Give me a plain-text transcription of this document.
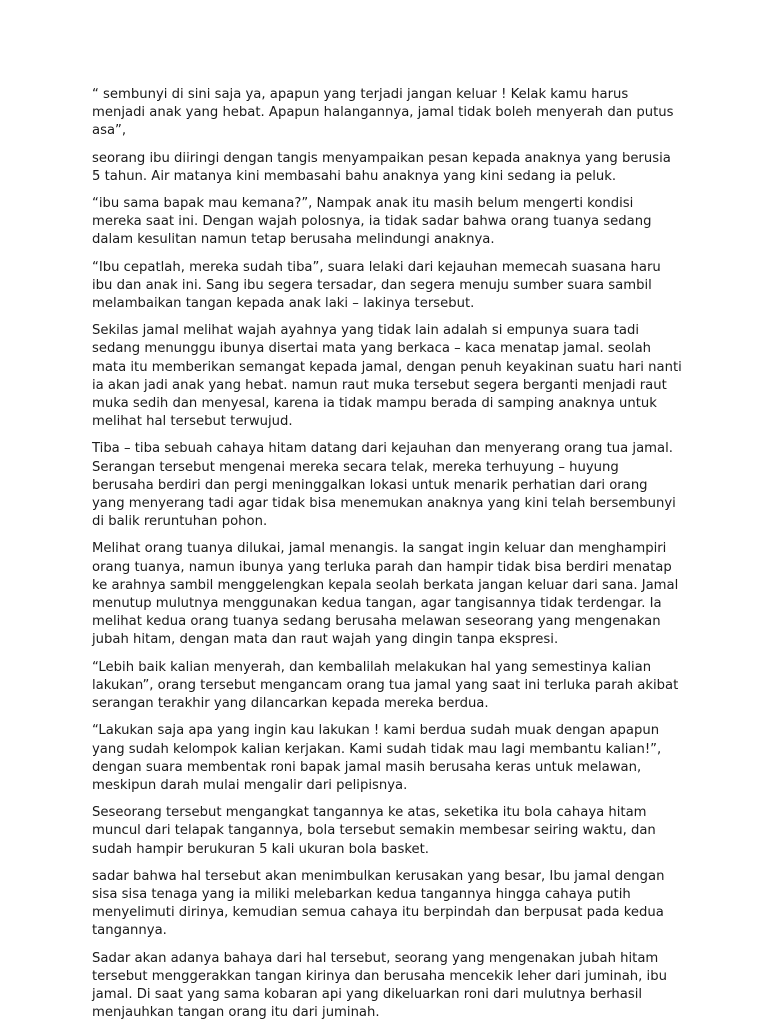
“ sembunyi di sini saja ya, apapun yang terjadi jangan keluar ! Kelak kamu harus menjadi anak yang hebat. Apapun halangannya, jamal tidak boleh menyerah dan putus asa”,

seorang ibu diiringi dengan tangis menyampaikan pesan kepada anaknya yang berusia 5 tahun. Air matanya kini membasahi bahu anaknya yang kini sedang ia peluk.

“ibu sama bapak mau kemana?”, Nampak anak itu masih belum mengerti kondisi mereka saat ini. Dengan wajah polosnya, ia tidak sadar bahwa orang tuanya sedang dalam kesulitan namun tetap berusaha melindungi anaknya.

“Ibu cepatlah, mereka sudah tiba”, suara lelaki dari kejauhan memecah suasana haru ibu dan anak ini. Sang ibu segera tersadar, dan segera menuju sumber suara sambil melambaikan tangan kepada anak laki – lakinya tersebut.

Sekilas jamal melihat wajah ayahnya yang tidak lain adalah si empunya suara tadi sedang menunggu ibunya disertai mata yang berkaca – kaca menatap jamal. seolah mata itu memberikan semangat kepada jamal, dengan penuh keyakinan suatu hari nanti ia akan jadi anak yang hebat. namun raut muka tersebut segera berganti menjadi raut muka sedih dan menyesal, karena ia tidak mampu berada di samping anaknya untuk melihat hal tersebut terwujud.

Tiba – tiba sebuah cahaya hitam datang dari kejauhan dan menyerang orang tua jamal. Serangan tersebut mengenai mereka secara telak, mereka terhuyung – huyung berusaha berdiri dan pergi meninggalkan lokasi untuk menarik perhatian dari orang yang menyerang tadi agar tidak bisa menemukan anaknya yang kini telah bersembunyi di balik reruntuhan pohon.

Melihat orang tuanya dilukai, jamal menangis. Ia sangat ingin keluar dan menghampiri orang tuanya, namun ibunya yang terluka parah dan hampir tidak bisa berdiri menatap ke arahnya sambil menggelengkan kepala seolah berkata jangan keluar dari sana. Jamal menutup mulutnya menggunakan kedua tangan, agar tangisannya tidak terdengar. Ia melihat kedua orang tuanya sedang berusaha melawan seseorang yang mengenakan jubah hitam, dengan mata dan raut wajah yang dingin tanpa ekspresi.

“Lebih baik kalian menyerah, dan kembalilah melakukan hal yang semestinya kalian lakukan”, orang tersebut mengancam orang tua jamal yang saat ini terluka parah akibat serangan terakhir yang dilancarkan kepada mereka berdua.

“Lakukan saja apa yang ingin kau lakukan ! kami berdua sudah muak dengan apapun yang sudah kelompok kalian kerjakan. Kami sudah tidak mau lagi membantu kalian!”, dengan suara membentak roni bapak jamal masih berusaha keras untuk melawan, meskipun darah mulai mengalir dari pelipisnya.

Seseorang tersebut mengangkat tangannya ke atas, seketika itu bola cahaya hitam muncul dari telapak tangannya, bola tersebut semakin membesar seiring waktu, dan sudah hampir berukuran 5 kali ukuran bola basket.

sadar bahwa hal tersebut akan menimbulkan kerusakan yang besar, Ibu jamal dengan sisa sisa tenaga yang ia miliki melebarkan kedua tangannya hingga cahaya putih menyelimuti dirinya, kemudian semua cahaya itu berpindah dan berpusat pada kedua tangannya.

Sadar akan adanya bahaya dari hal tersebut, seorang yang mengenakan jubah hitam tersebut menggerakkan tangan kirinya dan berusaha mencekik leher dari juminah, ibu jamal. Di saat yang sama kobaran api yang dikeluarkan roni dari mulutnya berhasil menjauhkan tangan orang itu dari juminah.
